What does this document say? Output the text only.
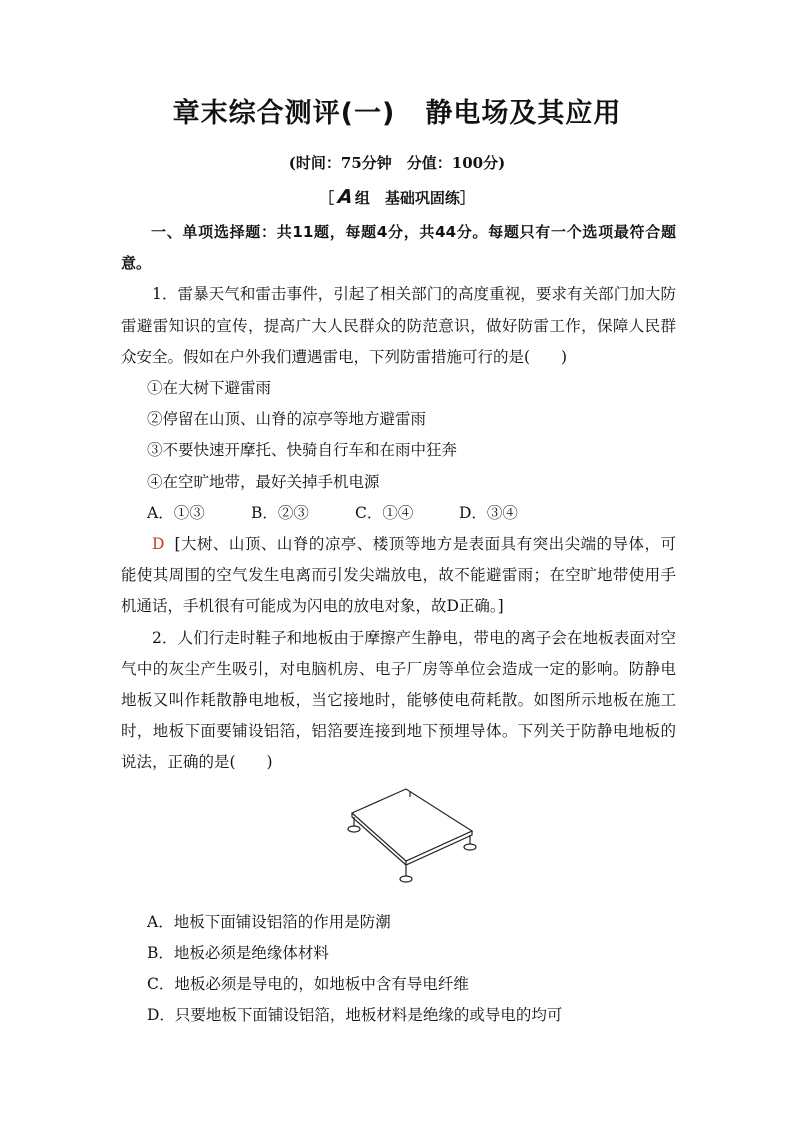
章末综合测评(一) 静电场及其应用
(时间：75分钟　分值：100分)
［ A组　基础巩固练］

一、单项选择题：共11题，每题4分，共44分。每题只有一个选项最符合题意。

1．雷暴天气和雷击事件，引起了相关部门的高度重视，要求有关部门加大防雷避雷知识的宣传，提高广大人民群众的防范意识，做好防雷工作，保障人民群众安全。假如在户外我们遭遇雷电，下列防雷措施可行的是(　　)

①在大树下避雷雨

②停留在山顶、山脊的凉亭等地方避雷雨

③不要快速开摩托、快骑自行车和在雨中狂奔

④在空旷地带，最好关掉手机电源

A．①③	B．②③	C．①④	D．③④

D [大树、山顶、山脊的凉亭、楼顶等地方是表面具有突出尖端的导体，可能使其周围的空气发生电离而引发尖端放电，故不能避雷雨；在空旷地带使用手机通话，手机很有可能成为闪电的放电对象，故D正确。]

2．人们行走时鞋子和地板由于摩擦产生静电，带电的离子会在地板表面对空气中的灰尘产生吸引，对电脑机房、电子厂房等单位会造成一定的影响。防静电地板又叫作耗散静电地板，当它接地时，能够使电荷耗散。如图所示地板在施工时，地板下面要铺设铝箔，铝箔要连接到地下预埋导体。下列关于防静电地板的说法，正确的是(　　)

A．地板下面铺设铝箔的作用是防潮

B．地板必须是绝缘体材料

C．地板必须是导电的，如地板中含有导电纤维

D．只要地板下面铺设铝箔，地板材料是绝缘的或导电的均可
